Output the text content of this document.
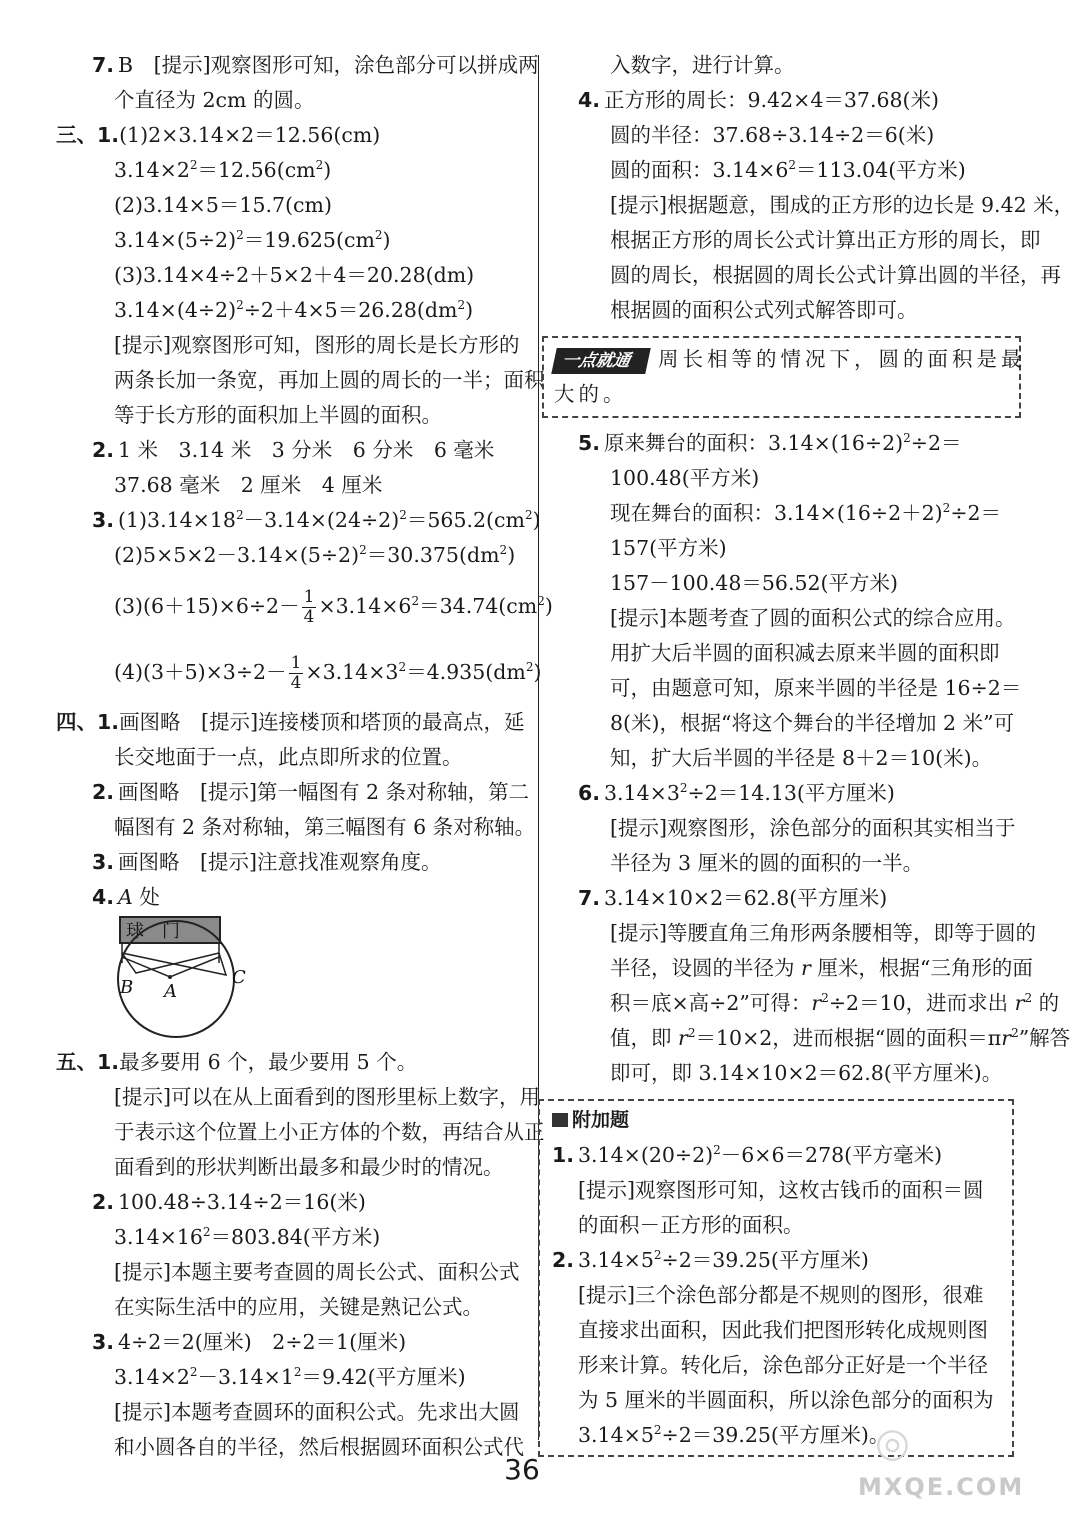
7. B　[提示]观察图形可知，涂色部分可以拼成两
个直径为 2cm 的圆。
三、1.(1)2×3.14×2＝12.56(cm)
$3.14\times 2^2=12.56(cm^2)$
(2)3.14×5＝15.7(cm)
$3.14\times(5\div 2)^2=19.625(cm^2)$
(3)3.14×4÷2＋5×2＋4＝20.28(dm)
$3.14\times(4\div 2)^2\div 2+4\times 5=26.28(dm^2)$
[提示]观察图形可知，图形的周长是长方形的
两条长加一条宽，再加上圆的周长的一半；面积
等于长方形的面积加上半圆的面积。
2. 1 米　3.14 米　3 分米　6 分米　6 毫米
37.68 毫米　2 厘米　4 厘米
3. $(1)3.14\times 18^2-3.14\times(24\div 2)^2=565.2(cm^2)$
$(2)5\times 5\times 2-3.14\times(5\div 2)^2=30.375(dm^2)$
$(3)(6+15)\times 6\div 2- \frac{1}{4} \times 3.14\times 6^2=34.74(cm^2)$
$(4)(3+5)\times 3\div 2- \frac{1}{4} \times 3.14\times 3^2=4.935(dm^2)$
四、1.画图略　[提示]连接楼顶和塔顶的最高点，延
长交地面于一点，此点即所求的位置。
2. 画图略　[提示]第一幅图有 2 条对称轴，第二
幅图有 2 条对称轴，第三幅图有 6 条对称轴。
3. 画图略　[提示]注意找准观察角度。
4. A 处
球　门
B A
C
五、1.最多要用 6 个，最少要用 5 个。
[提示]可以在从上面看到的图形里标上数字，用
于表示这个位置上小正方体的个数，再结合从正
面看到的形状判断出最多和最少时的情况。
2. 100.48÷3.14÷2＝16(米)
$3.14\times 16^2=803.84$(平方米)
[提示]本题主要考查圆的周长公式、面积公式
在实际生活中的应用，关键是熟记公式。
3. 4÷2＝2(厘米)　2÷2＝1(厘米)
$3.14\times 2^2-3.14\times 1^2=9.42$(平方厘米)
[提示]本题考查圆环的面积公式。先求出大圆
和小圆各自的半径，然后根据圆环面积公式代
入数字，进行计算。
4. 正方形的周长：9.42×4＝37.68(米)
圆的半径：37.68÷3.14÷2＝6(米)
圆的面积：$3.14\times 6^2=113.04$(平方米)
[提示]根据题意，围成的正方形的边长是 9.42 米，
根据正方形的周长公式计算出正方形的周长，即
圆的周长，根据圆的周长公式计算出圆的半径，再
根据圆的面积公式列式解答即可。
一点就通 周长相等的情况下，圆的面积是最
大的。
5. 原来舞台的面积：$3.14\times(16\div 2)^2\div 2=$
100.48(平方米)
现在舞台的面积：$3.14\times(16\div 2+2)^2\div 2=$
157(平方米)
157－100.48＝56.52(平方米)
[提示]本题考查了圆的面积公式的综合应用。
用扩大后半圆的面积减去原来半圆的面积即
可，由题意可知，原来半圆的半径是 16÷2＝
8(米)，根据“将这个舞台的半径增加 2 米”可
知，扩大后半圆的半径是 8＋2＝10(米)。
6. $3.14\times 3^2\div 2=14.13$(平方厘米)
[提示]观察图形，涂色部分的面积其实相当于
半径为 3 厘米的圆的面积的一半。
7. 3.14×10×2＝62.8(平方厘米)
[提示]等腰直角三角形两条腰相等，即等于圆的
半径，设圆的半径为 r 厘米，根据“三角形的面
积＝底×高÷2”可得：$r^2\div 2=10$，进而求出 $r^2$ 的
值，即 $r^2=10\times 2$，进而根据“圆的面积$=\pi r^2$”解答
即可，即 3.14×10×2＝62.8(平方厘米)。
附加题
1. $3.14\times(20\div 2)^2-6\times 6=278$(平方毫米)
[提示]观察图形可知，这枚古钱币的面积＝圆
的面积－正方形的面积。
2. $3.14\times 5^2\div 2=39.25$(平方厘米)
[提示]三个涂色部分都是不规则的图形，很难
直接求出面积，因此我们把图形转化成规则图
形来计算。转化后，涂色部分正好是一个半径
为 5 厘米的半圆面积，所以涂色部分的面积为
$3.14\times 5^2\div 2=39.25$(平方厘米)。
36
◎
MXQE.COM
